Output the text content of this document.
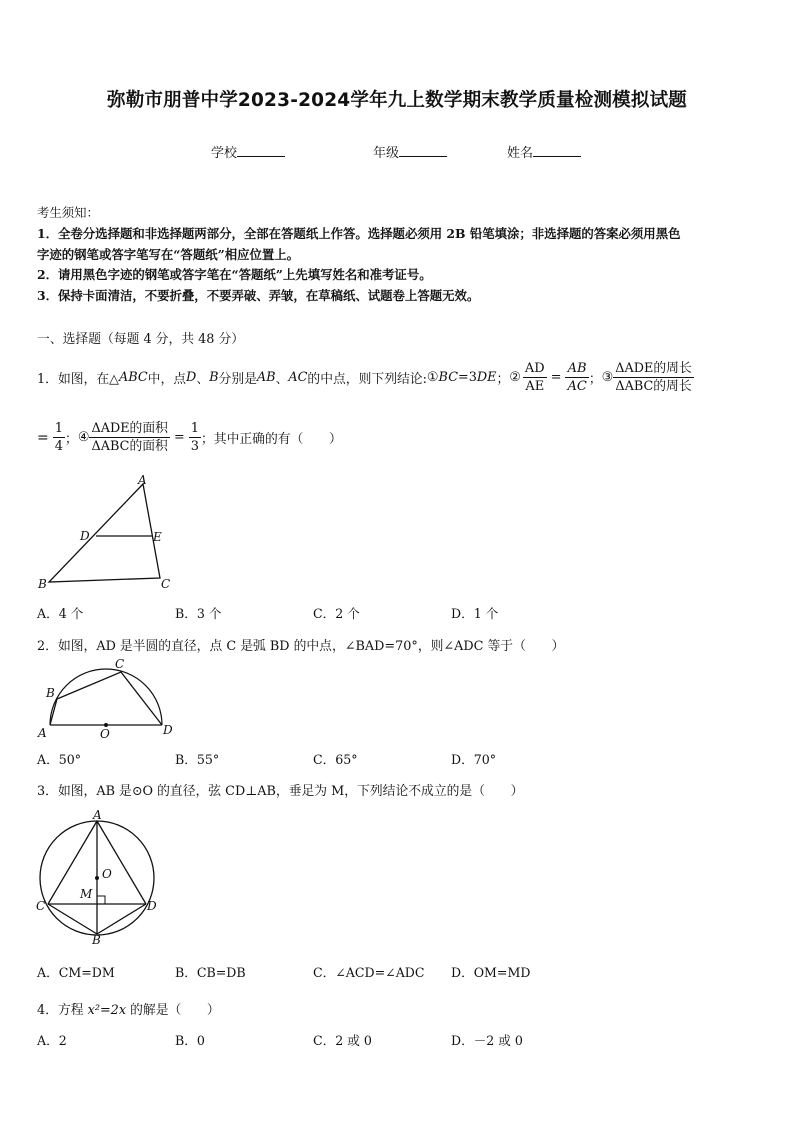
弥勒市朋普中学2023-2024学年九上数学期末教学质量检测模拟试题
学校	年级	姓名
考生须知：
1．全卷分选择题和非选择题两部分，全部在答题纸上作答。选择题必须用 2B 铅笔填涂；非选择题的答案必须用黑色
字迹的钢笔或答字笔写在“答题纸”相应位置上。
2．请用黑色字迹的钢笔或答字笔在“答题纸”上先填写姓名和准考证号。
3．保持卡面清洁，不要折叠，不要弄破、弄皱，在草稿纸、试题卷上答题无效。
一、选择题（每题 4 分，共 48 分）
1．如图，在△ ABC 中，点 D 、 B 分别是 AB 、 AC 的中点，则下列结论: ① BC =3 DE ； ② $\frac{AD}{AE} = \frac{AB}{AC}$ ； ③ $\frac{\text{ΔADE的周长}}{\text{ΔABC的周长}}$
= $\frac{1}{4}$ ； ④ $\frac{\text{ΔADE的面积}}{\text{ΔABC的面积}} = \frac{1}{3}$ ；其中正确的有（　　）
A
B	C
D	E
A．4 个	B．3 个	C．2 个	D．1 个
2．如图，AD 是半圆的直径，点 C 是弧 BD 的中点，∠BAD=70°，则∠ADC 等于（　　）
A
B
C
D
O
A．50°	B．55°	C．65°	D．70°
3．如图，AB 是⊙O 的直径，弦 CD⊥AB，垂足为 M，下列结论不成立的是（　　）
A
B
C	D
O
M
A．CM=DM	B．CB=DB	C．∠ACD=∠ADC D．OM=MD
4．方程 x²=2x 的解是（　　）
A．2	B．0	C．2 或 0	D．－2 或 0
